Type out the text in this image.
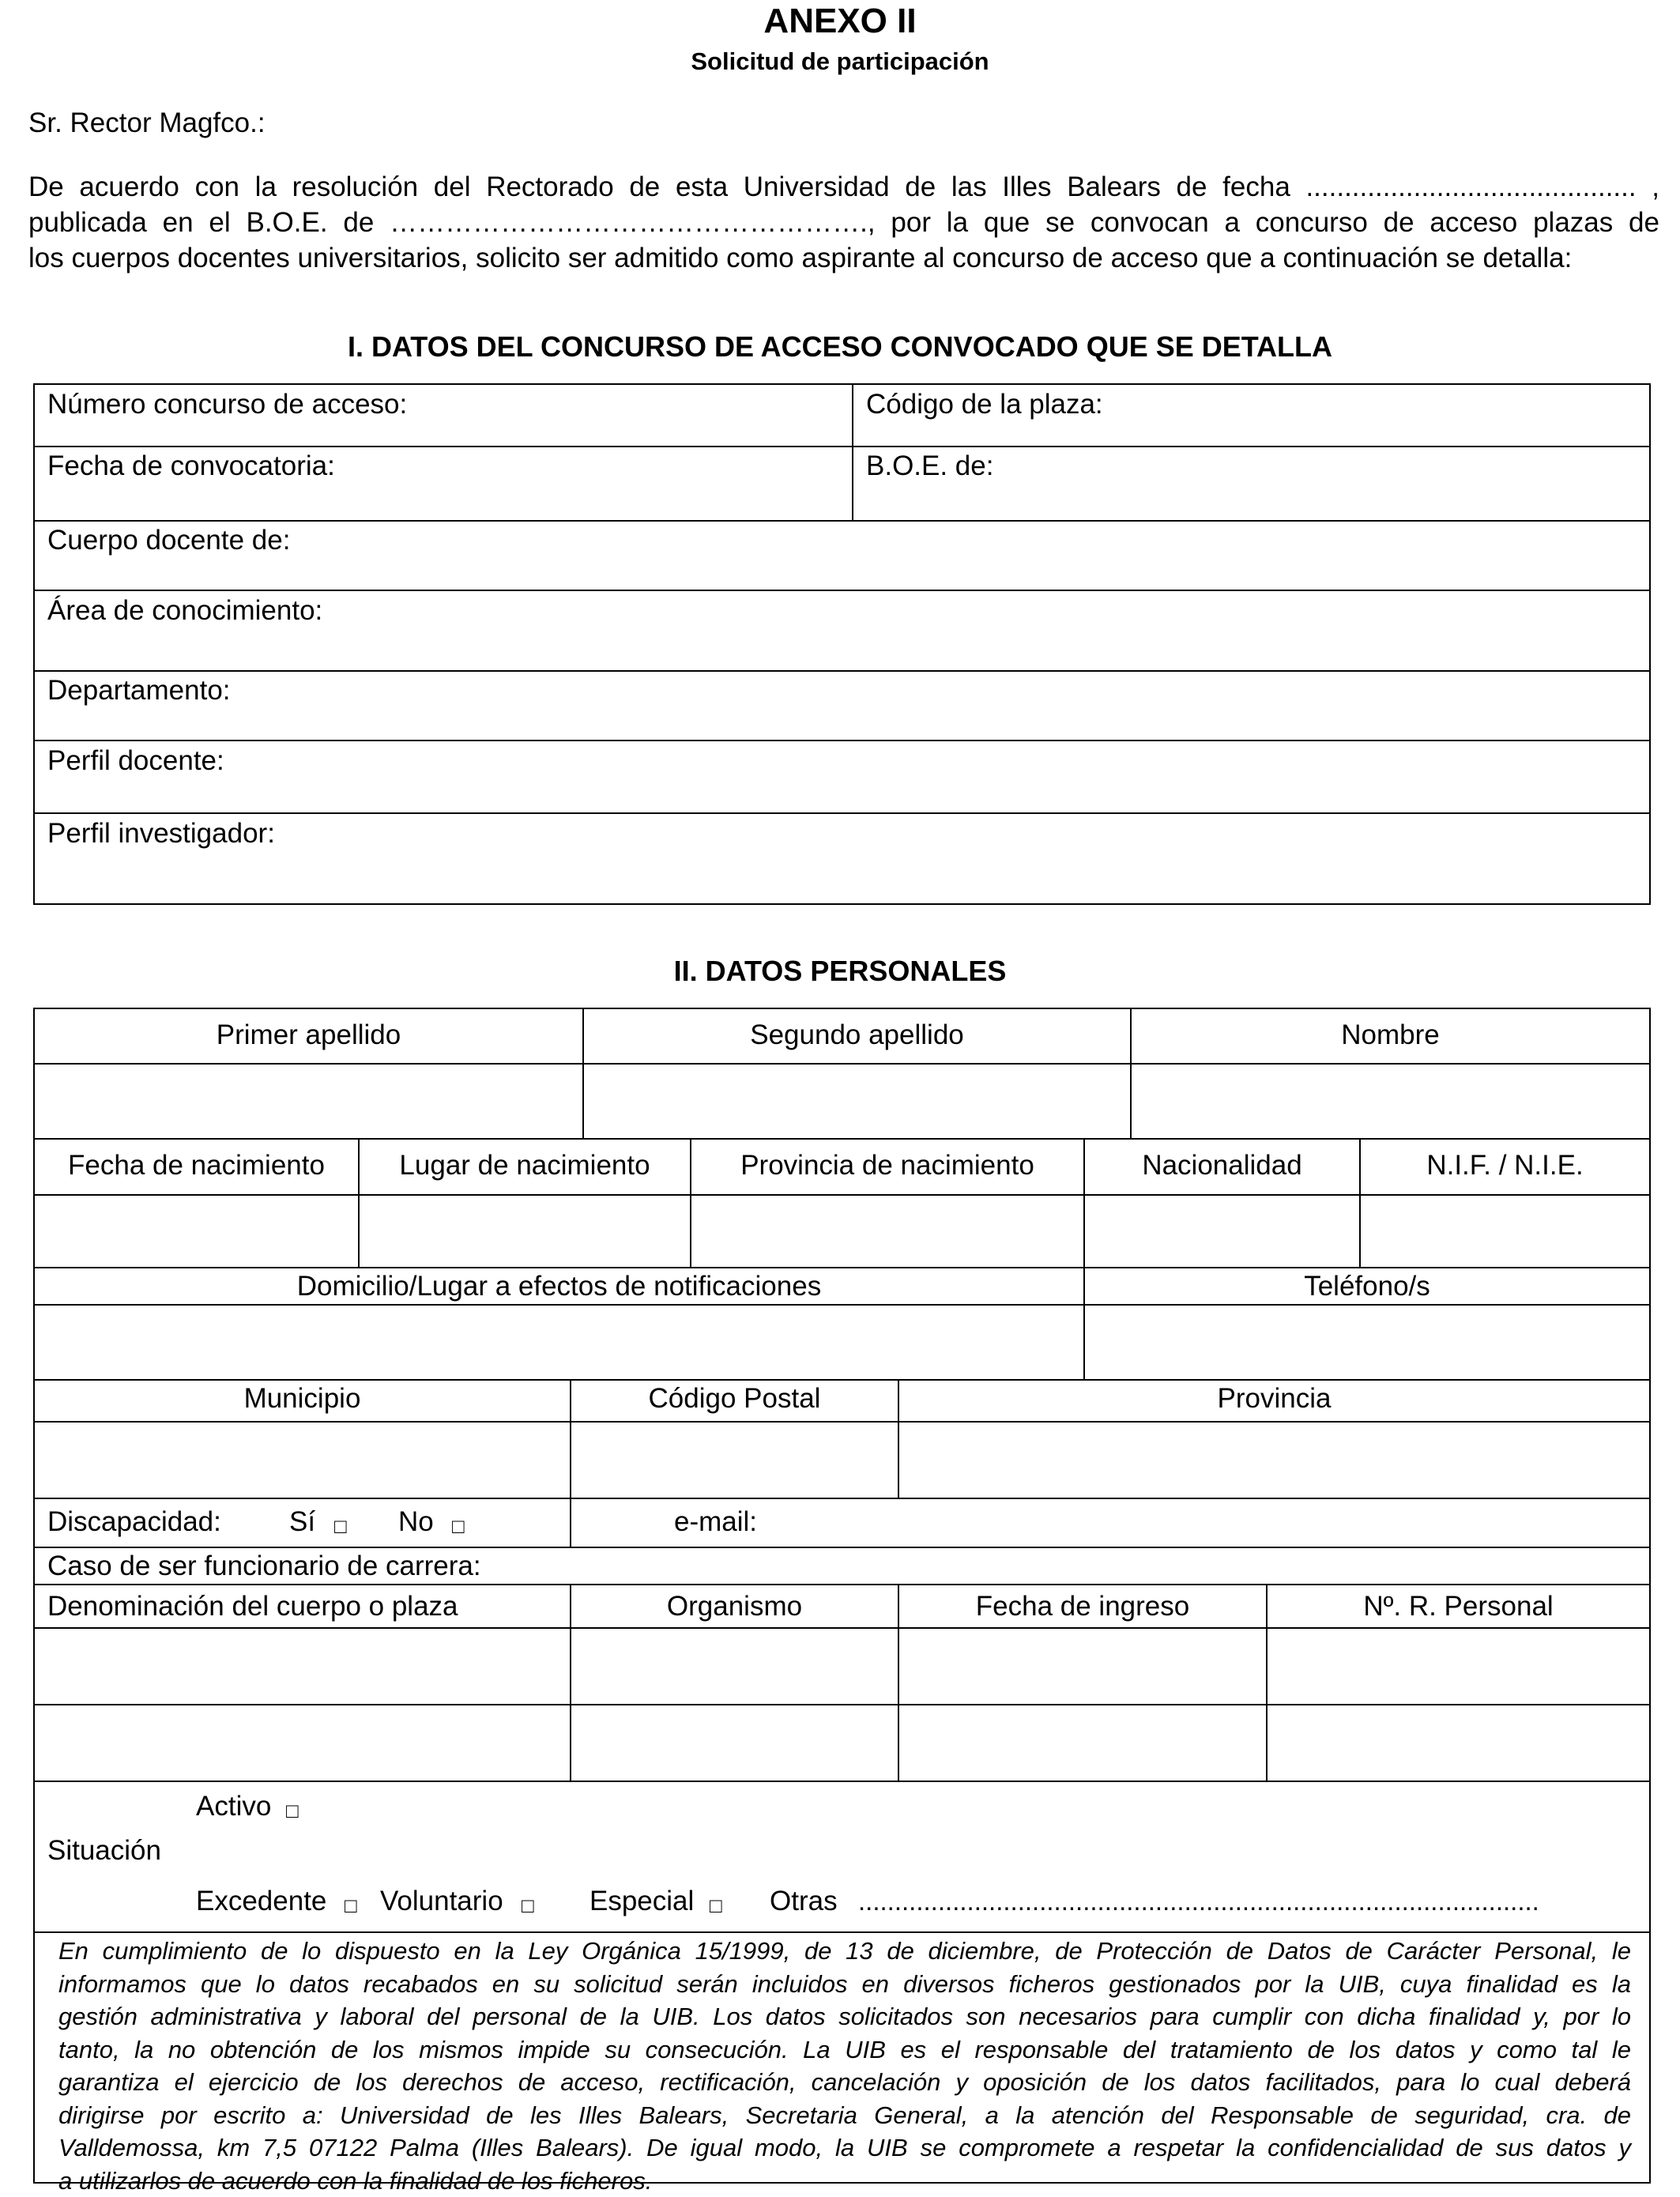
ANEXO II
Solicitud de participación
Sr. Rector Magfco.:
De acuerdo con la resolución del Rectorado de esta Universidad de las Illes Balears de fecha ........................................... ,
publicada en el B.O.E. de ……………………………………………., por la que se convocan a concurso de acceso plazas de
los cuerpos docentes universitarios, solicito ser admitido como aspirante al concurso de acceso que a continuación se detalla:
I. DATOS DEL CONCURSO DE ACCESO CONVOCADO QUE SE DETALLA
Número concurso de acceso:	Código de la plaza:
Fecha de convocatoria:	B.O.E. de:
Cuerpo docente de:
Área de conocimiento:
Departamento:
Perfil docente:
Perfil investigador:
II. DATOS PERSONALES
Primer apellido	Segundo apellido	Nombre
Fecha de nacimiento	Lugar de nacimiento	Provincia de nacimiento	Nacionalidad	N.I.F. / N.I.E.
Domicilio/Lugar a efectos de notificaciones	Teléfono/s
Municipio	Código Postal	Provincia
Discapacidad: Sí □ No □	e-mail:
Caso de ser funcionario de carrera:
Denominación del cuerpo o plaza	Organismo	Fecha de ingreso	Nº. R. Personal
Activo □
Situación
Excedente □ Voluntario □ Especial □ Otras ..............................................................................................
En cumplimiento de lo dispuesto en la Ley Orgánica 15/1999, de 13 de diciembre, de Protección de Datos de Carácter Personal, le
informamos que lo datos recabados en su solicitud serán incluidos en diversos ficheros gestionados por la UIB, cuya finalidad es la
gestión administrativa y laboral del personal de la UIB. Los datos solicitados son necesarios para cumplir con dicha finalidad y, por lo
tanto, la no obtención de los mismos impide su consecución. La UIB es el responsable del tratamiento de los datos y como tal le
garantiza el ejercicio de los derechos de acceso, rectificación, cancelación y oposición de los datos facilitados, para lo cual deberá
dirigirse por escrito a: Universidad de les Illes Balears, Secretaria General, a la atención del Responsable de seguridad, cra. de
Valldemossa, km 7,5 07122 Palma (Illes Balears). De igual modo, la UIB se compromete a respetar la confidencialidad de sus datos y
a utilizarlos de acuerdo con la finalidad de los ficheros.
